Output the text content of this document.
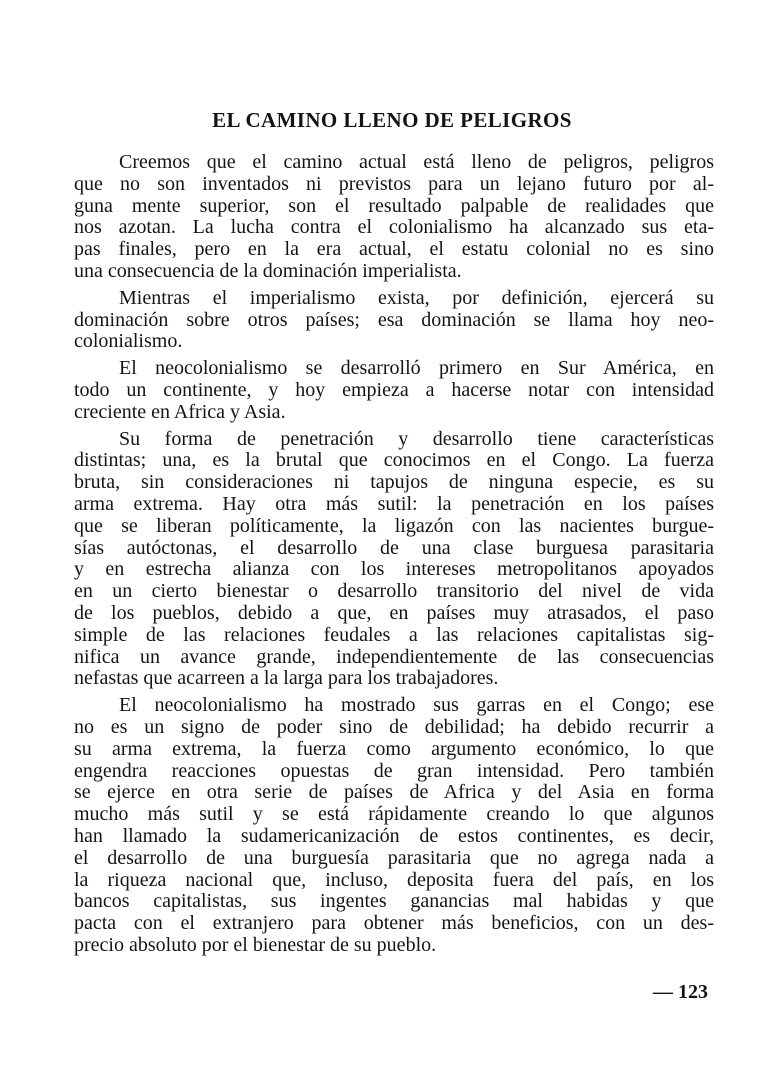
EL CAMINO LLENO DE PELIGROS
Creemos que el camino actual está lleno de peligros, peligros
que no son inventados ni previstos para un lejano futuro por al-
guna mente superior, son el resultado palpable de realidades que
nos azotan. La lucha contra el colonialismo ha alcanzado sus eta-
pas finales, pero en la era actual, el estatu colonial no es sino
una consecuencia de la dominación imperialista.
Mientras el imperialismo exista, por definición, ejercerá su
dominación sobre otros países; esa dominación se llama hoy neo-
colonialismo.
El neocolonialismo se desarrolló primero en Sur América, en
todo un continente, y hoy empieza a hacerse notar con intensidad
creciente en Africa y Asia.
Su forma de penetración y desarrollo tiene características
distintas; una, es la brutal que conocimos en el Congo. La fuerza
bruta, sin consideraciones ni tapujos de ninguna especie, es su
arma extrema. Hay otra más sutil: la penetración en los países
que se liberan políticamente, la ligazón con las nacientes burgue-
sías autóctonas, el desarrollo de una clase burguesa parasitaria
y en estrecha alianza con los intereses metropolitanos apoyados
en un cierto bienestar o desarrollo transitorio del nivel de vida
de los pueblos, debido a que, en países muy atrasados, el paso
simple de las relaciones feudales a las relaciones capitalistas sig-
nifica un avance grande, independientemente de las consecuencias
nefastas que acarreen a la larga para los trabajadores.
El neocolonialismo ha mostrado sus garras en el Congo; ese
no es un signo de poder sino de debilidad; ha debido recurrir a
su arma extrema, la fuerza como argumento económico, lo que
engendra reacciones opuestas de gran intensidad. Pero también
se ejerce en otra serie de países de Africa y del Asia en forma
mucho más sutil y se está rápidamente creando lo que algunos
han llamado la sudamericanización de estos continentes, es decir,
el desarrollo de una burguesía parasitaria que no agrega nada a
la riqueza nacional que, incluso, deposita fuera del país, en los
bancos capitalistas, sus ingentes ganancias mal habidas y que
pacta con el extranjero para obtener más beneficios, con un des-
precio absoluto por el bienestar de su pueblo.
— 123
